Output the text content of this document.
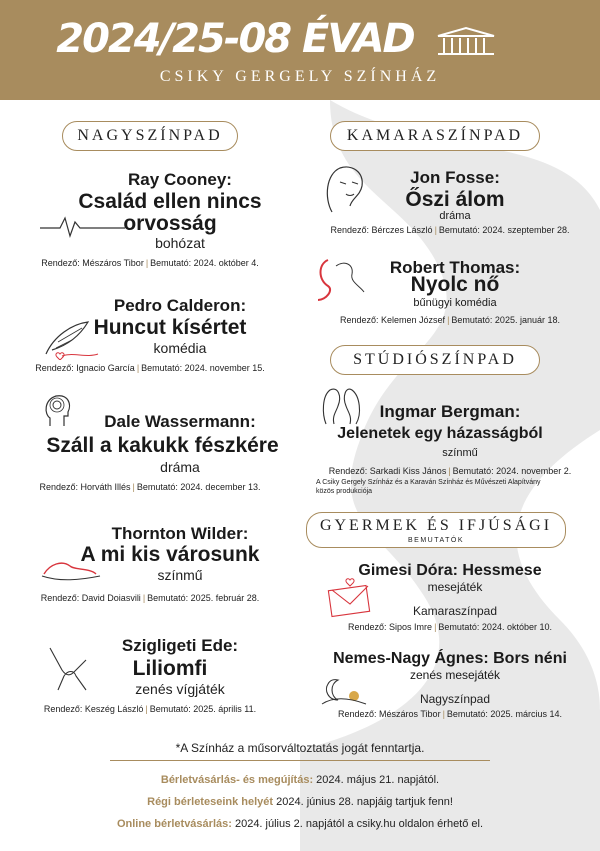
2024/25-08 ÉVAD
CSIKY GERGELY SZÍNHÁZ
NAGYSZÍNPAD
Ray Cooney:
Család ellen nincs
orvosság
bohózat
Rendező: Mészáros Tibor | Bemutató: 2024. október 4.
Pedro Calderon:
Huncut kísértet
komédia
Rendező: Ignacio García | Bemutató: 2024. november 15.
Dale Wassermann:
Száll a kakukk fészkére
dráma
Rendező: Horváth Illés | Bemutató: 2024. december 13.
Thornton Wilder:
A mi kis városunk
színmű
Rendező: David Doiasvili | Bemutató: 2025. február 28.
Szigligeti Ede:
Liliomfi
zenés vígjáték
Rendező: Keszég László | Bemutató: 2025. április 11.
KAMARASZÍNPAD
Jon Fosse:
Őszi álom
dráma
Rendező: Bérczes László | Bemutató: 2024. szeptember 28.
Robert Thomas:
Nyolc nő
bűnügyi komédia
Rendező: Kelemen József | Bemutató: 2025. január 18.
STÚDIÓSZÍNPAD
Ingmar Bergman:
Jelenetek egy házasságból
színmű
Rendező: Sarkadi Kiss János | Bemutató: 2024. november 2.
A Csiky Gergely Színház és a Karaván Színház és Művészeti Alapítvány
közös produkciója
GYERMEK ÉS IFJÚSÁGI
BEMUTATÓK
Gimesi Dóra: Hessmese
mesejáték
Kamaraszínpad
Rendező: Sipos Imre | Bemutató: 2024. október 10.
Nemes-Nagy Ágnes: Bors néni
zenés mesejáték
Nagyszínpad
Rendező: Mészáros Tibor | Bemutató: 2025. március 14.
*A Színház a műsorváltoztatás jogát fenntartja.
Bérletvásárlás- és megújítás: 2024. május 21. napjától.
Régi bérleteseink helyét 2024. június 28. napjáig tartjuk fenn!
Online bérletvásárlás: 2024. július 2. napjától a csiky.hu oldalon érhető el.
